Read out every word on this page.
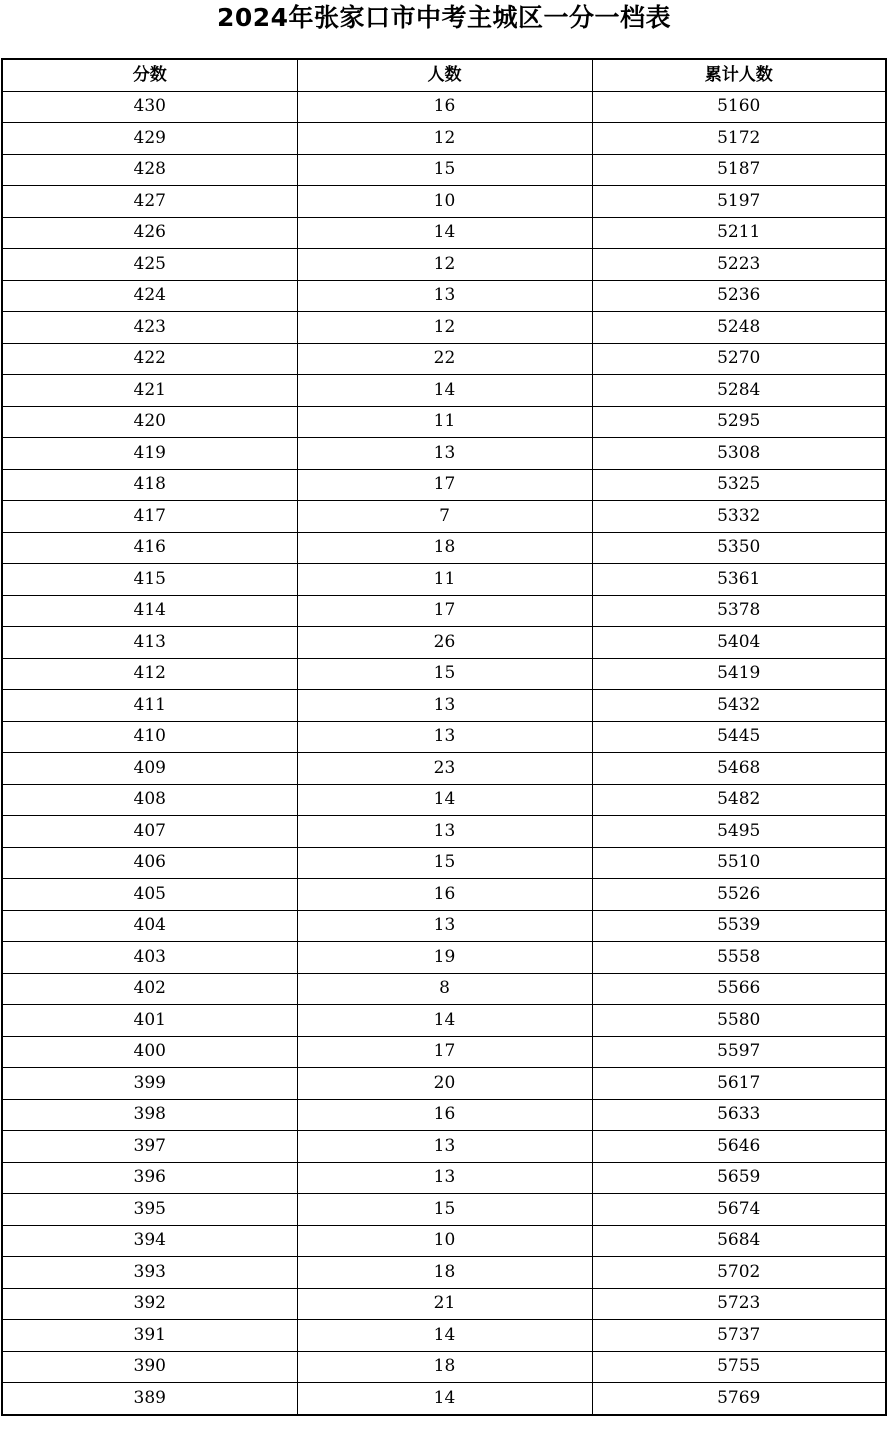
2024年张家口市中考主城区一分一档表
分数	人数	累计人数
430	16	5160
429	12	5172
428	15	5187
427	10	5197
426	14	5211
425	12	5223
424	13	5236
423	12	5248
422	22	5270
421	14	5284
420	11	5295
419	13	5308
418	17	5325
417	7	5332
416	18	5350
415	11	5361
414	17	5378
413	26	5404
412	15	5419
411	13	5432
410	13	5445
409	23	5468
408	14	5482
407	13	5495
406	15	5510
405	16	5526
404	13	5539
403	19	5558
402	8	5566
401	14	5580
400	17	5597
399	20	5617
398	16	5633
397	13	5646
396	13	5659
395	15	5674
394	10	5684
393	18	5702
392	21	5723
391	14	5737
390	18	5755
389	14	5769
